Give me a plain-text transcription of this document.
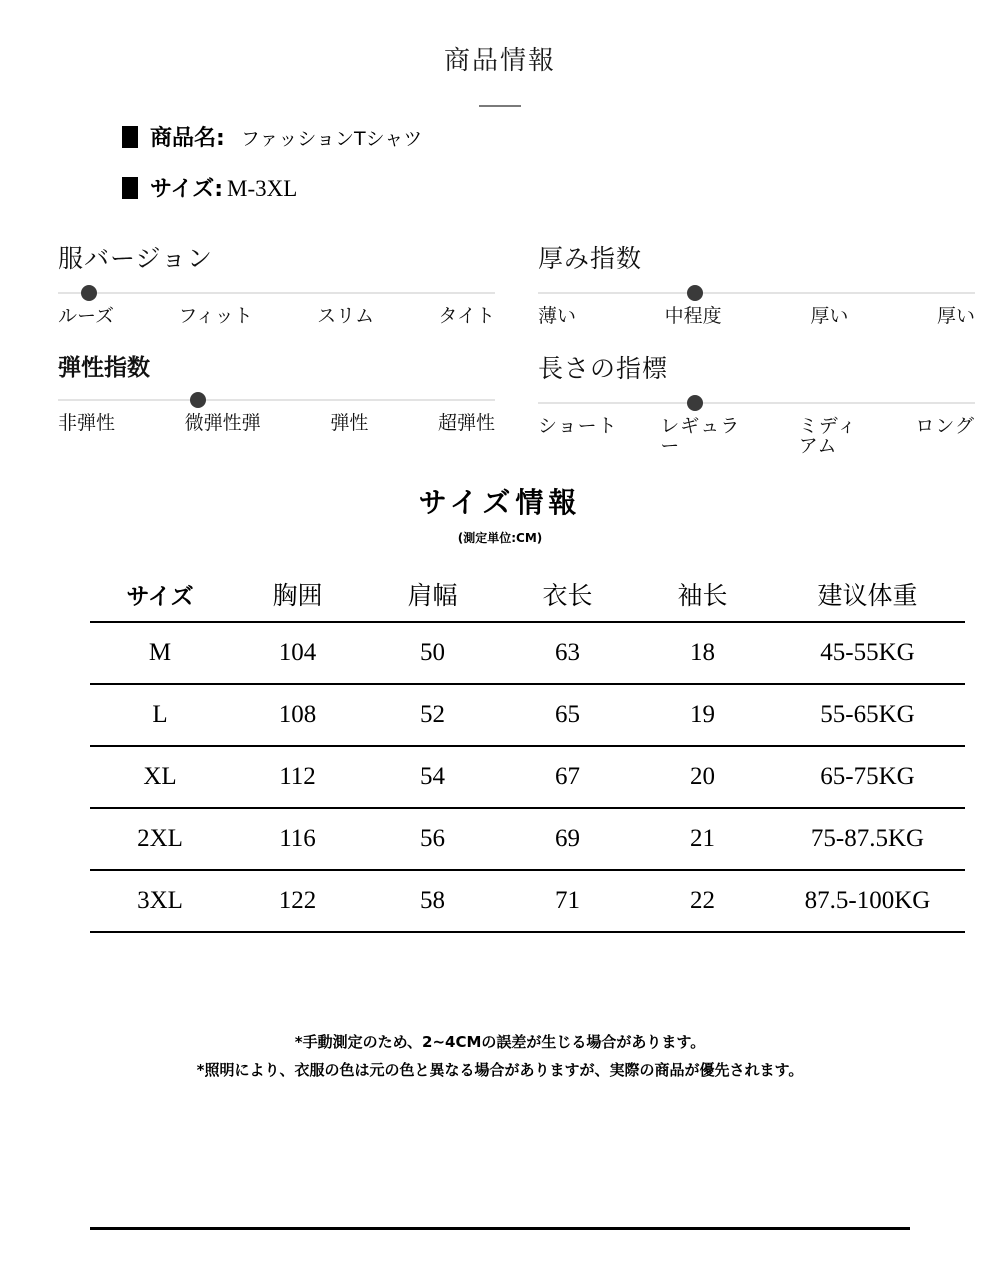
商品情報
商品名: ファッションTシャツ
サイズ: M-3XL
服バージョン
ルーズ	フィット	スリム	タイト
厚み指数
薄い	中程度	厚い	厚い
弾性指数
非弾性	微弾性弾	弾性	超弾性
長さの指標
ショート レギュラー
ミディアム
ロング
サイズ情報
(測定単位:CM)
サイズ	胸囲	肩幅	衣长	袖长	建议体重
M	104	50	63	18	45-55KG
L	108	52	65	19	55-65KG
XL	112	54	67	20	65-75KG
2XL	116	56	69	21	75-87.5KG
3XL	122	58	71	22	87.5-100KG
*手動測定のため、2~4CMの誤差が生じる場合があります。
*照明により、衣服の色は元の色と異なる場合がありますが、実際の商品が優先されます。
